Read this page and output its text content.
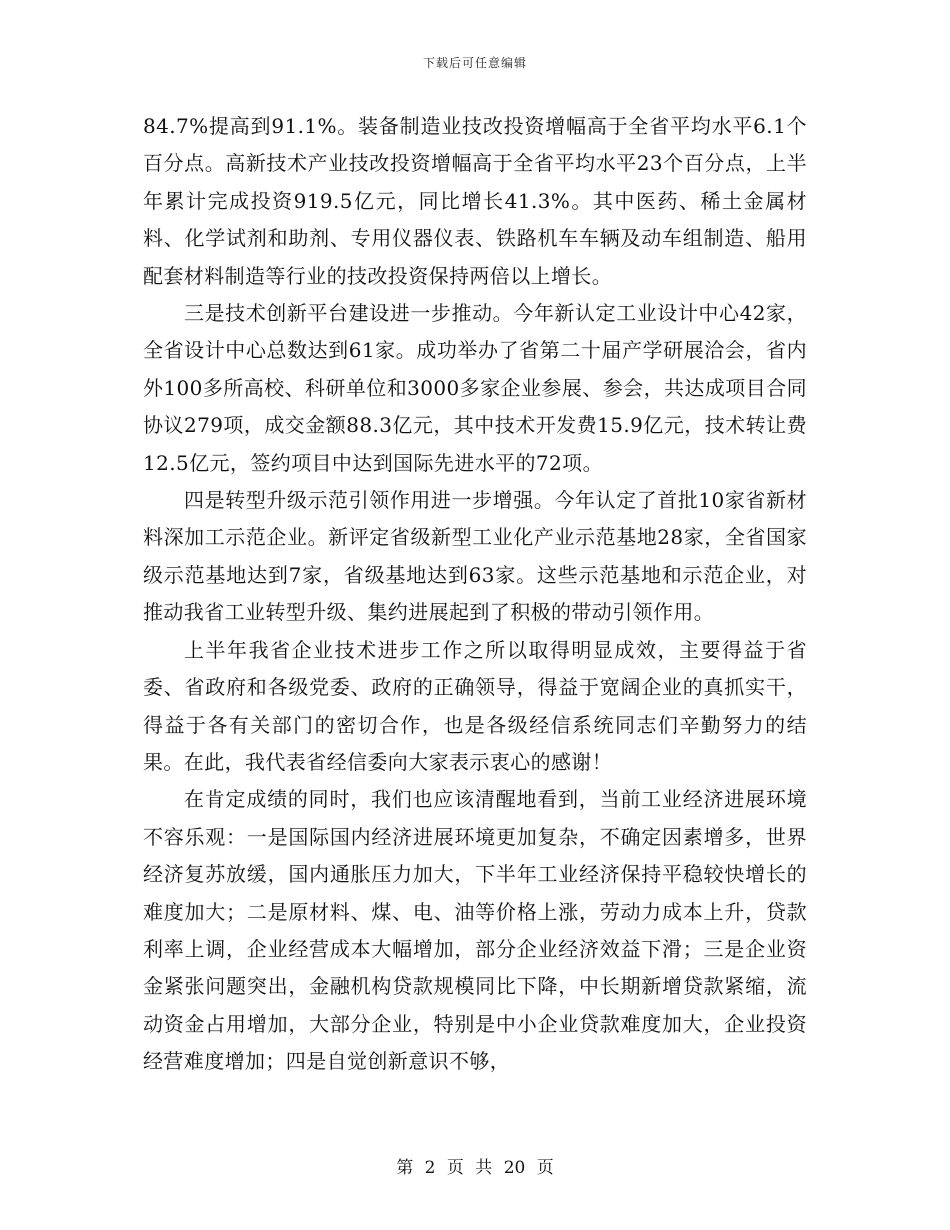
下载后可任意编辑

84.7%提高到91.1%。装备制造业技改投资增幅高于全省平均水平6.1个百分点。高新技术产业技改投资增幅高于全省平均水平23个百分点，上半年累计完成投资919.5亿元，同比增长41.3%。其中医药、稀土金属材料、化学试剂和助剂、专用仪器仪表、铁路机车车辆及动车组制造、船用配套材料制造等行业的技改投资保持两倍以上增长。

三是技术创新平台建设进一步推动。今年新认定工业设计中心42家，全省设计中心总数达到61家。成功举办了省第二十届产学研展洽会，省内外100多所高校、科研单位和3000多家企业参展、参会，共达成项目合同协议279项，成交金额88.3亿元，其中技术开发费15.9亿元，技术转让费12.5亿元，签约项目中达到国际先进水平的72项。

四是转型升级示范引领作用进一步增强。今年认定了首批10家省新材料深加工示范企业。新评定省级新型工业化产业示范基地28家，全省国家级示范基地达到7家，省级基地达到63家。这些示范基地和示范企业，对推动我省工业转型升级、集约进展起到了积极的带动引领作用。

上半年我省企业技术进步工作之所以取得明显成效，主要得益于省委、省政府和各级党委、政府的正确领导，得益于宽阔企业的真抓实干，得益于各有关部门的密切合作，也是各级经信系统同志们辛勤努力的结果。在此，我代表省经信委向大家表示衷心的感谢！

在肯定成绩的同时，我们也应该清醒地看到，当前工业经济进展环境不容乐观：一是国际国内经济进展环境更加复杂，不确定因素增多，世界经济复苏放缓，国内通胀压力加大，下半年工业经济保持平稳较快增长的难度加大；二是原材料、煤、电、油等价格上涨，劳动力成本上升，贷款利率上调，企业经营成本大幅增加，部分企业经济效益下滑；三是企业资金紧张问题突出，金融机构贷款规模同比下降，中长期新增贷款紧缩，流动资金占用增加，大部分企业，特别是中小企业贷款难度加大，企业投资经营难度增加；四是自觉创新意识不够，

第 2 页 共 20 页
